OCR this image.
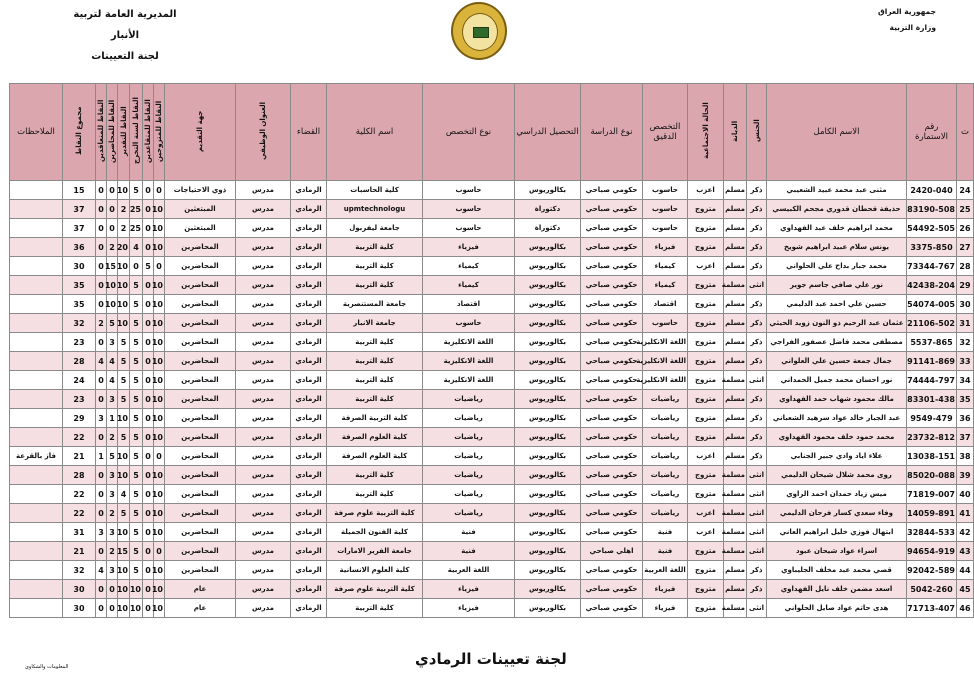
المديرية العامة لتربية الأنبار
لجنة التعيينات
جمهورية العراق
وزارة التربية
ت	رقم الاستمارة	الاسم الكامل	الجنس	الديانة	الحالة الاجتماعية	التخصص الدقيق	نوع الدراسة	التحصيل الدراسي	نوع التخصص	اسم الكلية	القضاء	العنوان الوظيفي	جهة التقديم	النقاط للمتزوجين	النقاط للمتقاعدين	النقاط لسنة التخرج	النقاط للتقدير	النقاط للمحاضرين	النقاط للمتعاقدين	مجموع النقاط	الملاحظات
24	2420-040	مثنى عبد محمد عبيد الشعيبي	ذكر	مسلم	اعزب	حاسوب	حكومي صباحي	بكالوريوس	حاسوب	كلية الحاسبات	الرمادي	مدرس	ذوي الاحتياجات	0	0	5	10	0	0	15	
25	83190-508	حذيفة قحطان قدوري مجحم الكبيسي	ذكر	مسلم	متزوج	حاسوب	حكومي صباحي	دكتوراة	حاسوب	upmtechnologu	الرمادي	مدرس	المبتعثين	10	0	25	2	0	0	37	
26	54492-505	محمد ابراهيم خلف عبد الفهداوي	ذكر	مسلم	متزوج	حاسوب	حكومي صباحي	دكتوراة	حاسوب	جامعة ليفربول	الرمادي	مدرس	المبتعثين	10	0	25	2	0	0	37	
27	3375-850	يونس سلام عبيد ابراهيم شويخ	ذكر	مسلم	متزوج	فيزياء	حكومي صباحي	بكالوريوس	فيزياء	كلية التربية	الرمادي	مدرس	المحاضرين	10	0	4	20	2	0	36	
28	73344-767	محمد جبار بداح علي الحلواني	ذكر	مسلم	اعزب	كيمياء	حكومي صباحي	بكالوريوس	كيمياء	كلية التربية	الرمادي	مدرس	المحاضرين	0	5	0	10	15	0	30	
29	42438-204	نور علي صافي جاسم جوير	انثى	مسلمة	متزوج	كيمياء	حكومي صباحي	بكالوريوس	كيمياء	كلية التربية	الرمادي	مدرس	المحاضرين	10	0	5	10	10	0	35	
30	54074-005	حسين علي احمد عبد الدليمي	ذكر	مسلم	متزوج	اقتصاد	حكومي صباحي	بكالوريوس	اقتصاد	جامعة المستنصرية	الرمادي	مدرس	المحاضرين	10	0	5	10	10	0	35	
31	21106-502	عثمان عبد الرحيم ذو النون زويد الحيثي	ذكر	مسلم	متزوج	حاسوب	حكومي صباحي	بكالوريوس	حاسوب	جامعة الانبار	الرمادي	مدرس	المحاضرين	10	0	5	10	5	2	32	
32	5537-865	مصطفى محمد فاضل عصفور الفراجي	ذكر	مسلم	متزوج	اللغة الانكليزية	حكومي صباحي	بكالوريوس	اللغة الانكليزية	كلية التربية	الرمادي	مدرس	المحاضرين	10	0	5	5	3	0	23	
33	91141-869	جمال جمعة حسين علي العلواني	ذكر	مسلم	متزوج	اللغة الانكليزية	حكومي صباحي	بكالوريوس	اللغة الانكليزية	كلية التربية	الرمادي	مدرس	المحاضرين	10	0	5	5	4	4	28	
34	74444-797	نور احسان محمد جميل الحمداني	انثى	مسلمة	متزوج	اللغة الانكليزية	حكومي صباحي	بكالوريوس	اللغة الانكليزية	كلية التربية	الرمادي	مدرس	المحاضرين	10	0	5	5	4	0	24	
35	83301-438	مالك محمود شهاب حمد الفهداوي	ذكر	مسلم	متزوج	رياضيات	حكومي صباحي	بكالوريوس	رياضيات	كلية التربية	الرمادي	مدرس	المحاضرين	10	0	5	5	3	0	23	
36	9549-479	عبد الجبار خالد عواد سرهيد الشعباني	ذكر	مسلم	متزوج	رياضيات	حكومي صباحي	بكالوريوس	رياضيات	كلية التربية الصرفة	الرمادي	مدرس	المحاضرين	10	0	5	10	1	3	29	
37	23732-812	محمد حمود خلف محمود الفهداوي	ذكر	مسلم	متزوج	رياضيات	حكومي صباحي	بكالوريوس	رياضيات	كلية العلوم الصرفة	الرمادي	مدرس	المحاضرين	10	0	5	5	2	0	22	
38	13038-151	علاء اياد وادي جبير الجنابي	ذكر	مسلم	اعزب	رياضيات	حكومي صباحي	بكالوريوس	رياضيات	كلية العلوم الصرفة	الرمادي	مدرس	المحاضرين	0	0	5	10	5	1	21	فاز بالقرعة
39	85020-088	روى محمد شلال شيحان الدليمي	انثى	مسلمة	متزوج	رياضيات	حكومي صباحي	بكالوريوس	رياضيات	كلية التربية	الرمادي	مدرس	المحاضرين	10	0	5	10	3	0	28	
40	71819-007	ميس زياد حمدان احمد الراوي	انثى	مسلمة	متزوج	رياضيات	حكومي صباحي	بكالوريوس	رياضيات	كلية التربية	الرمادي	مدرس	المحاضرين	10	0	5	4	3	0	22	
41	14059-891	وفاء سعدي كسار فرحان الدليمي	انثى	مسلمة	اعزب	رياضيات	حكومي صباحي	بكالوريوس	رياضيات	كلية التربية علوم صرفة	الرمادي	مدرس	المحاضرين	10	0	5	5	2	0	22	
42	32844-533	ابتهال فوزي خليل ابراهيم العاني	انثى	مسلمة	اعزب	فنية	حكومي صباحي	بكالوريوس	فنية	كلية الفنون الجميلة	الرمادي	مدرس	المحاضرين	10	0	5	10	3	3	31	
43	94654-919	اسراء عواد شيحان عبود	انثى	مسلمة	متزوج	فنية	اهلي صباحي	بكالوريوس	فنية	جامعة الفرير الامارات	الرمادي	مدرس	المحاضرين	0	0	5	15	2	0	21	
44	92042-589	قصي محمد عبد مخلف الجليباوي	ذكر	مسلم	متزوج	اللغة العربية	حكومي صباحي	بكالوريوس	اللغة العربية	كلية العلوم الانسانية	الرمادي	مدرس	المحاضرين	10	0	5	10	3	4	32	
45	5042-260	اسعد مضمن خلف نايل الفهداوي	ذكر	مسلم	متزوج	فيزياء	حكومي صباحي	بكالوريوس	فيزياء	كلية التربية علوم صرفة	الرمادي	مدرس	عام	10	0	10	10	0	0	30	
46	71713-407	هدى حاتم عواد صايل الحلواني	انثى	مسلمة	متزوج	فيزياء	حكومي صباحي	بكالوريوس	فيزياء	كلية التربية	الرمادي	مدرس	عام	10	0	10	10	0	0	30	
لجنة تعيينات الرمادي
المعلومات والشكاوي
